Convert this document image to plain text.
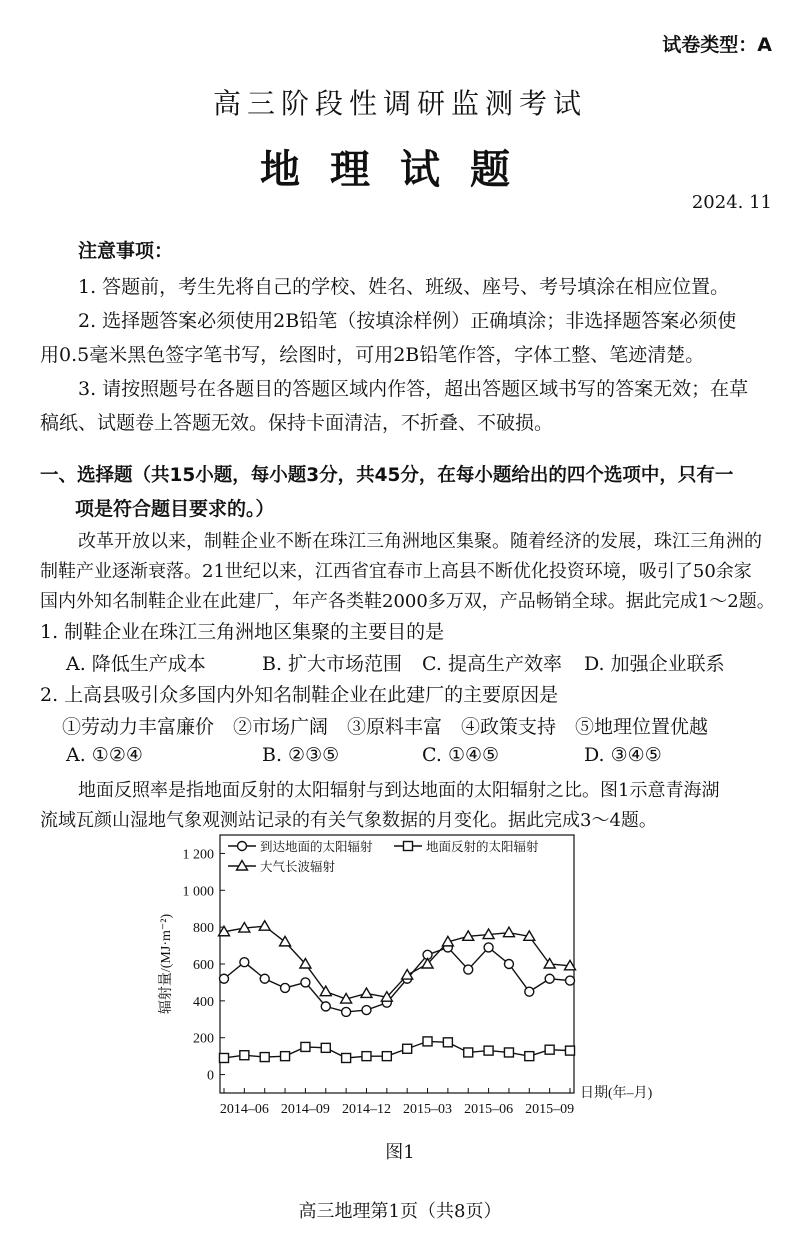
试卷类型：A
高三阶段性调研监测考试
地理试题
2024. 11
注意事项：
1. 答题前，考生先将自己的学校、姓名、班级、座号、考号填涂在相应位置。
2. 选择题答案必须使用2B铅笔（按填涂样例）正确填涂；非选择题答案必须使
用0.5毫米黑色签字笔书写，绘图时，可用2B铅笔作答，字体工整、笔迹清楚。
3. 请按照题号在各题目的答题区域内作答，超出答题区域书写的答案无效；在草
稿纸、试题卷上答题无效。保持卡面清洁，不折叠、不破损。
一、选择题（共15小题，每小题3分，共45分，在每小题给出的四个选项中，只有一
项是符合题目要求的。）
改革开放以来，制鞋企业不断在珠江三角洲地区集聚。随着经济的发展，珠江三角洲的
制鞋产业逐渐衰落。21世纪以来，江西省宜春市上高县不断优化投资环境，吸引了50余家
国内外知名制鞋企业在此建厂，年产各类鞋2000多万双，产品畅销全球。据此完成1～2题。
1. 制鞋企业在珠江三角洲地区集聚的主要目的是
A. 降低生产成本	B. 扩大市场范围 C. 提高生产效率 D. 加强企业联系
2. 上高县吸引众多国内外知名制鞋企业在此建厂的主要原因是
①劳动力丰富廉价　②市场广阔　③原料丰富　④政策支持　⑤地理位置优越
A. ①②④	B. ②③⑤	C. ①④⑤	D. ③④⑤
地面反照率是指地面反射的太阳辐射与到达地面的太阳辐射之比。图1示意青海湖
流域瓦颜山湿地气象观测站记录的有关气象数据的月变化。据此完成3～4题。
0
200
400
600
800
1 000
1 200
2014–06 2014–09 2014–12 2015–03 2015–06 2015–09
日期(年–月)
辐射量/(MJ·m⁻²)
到达地面的太阳辐射	地面反射的太阳辐射
大气长波辐射
图1
高三地理第1页（共8页）
